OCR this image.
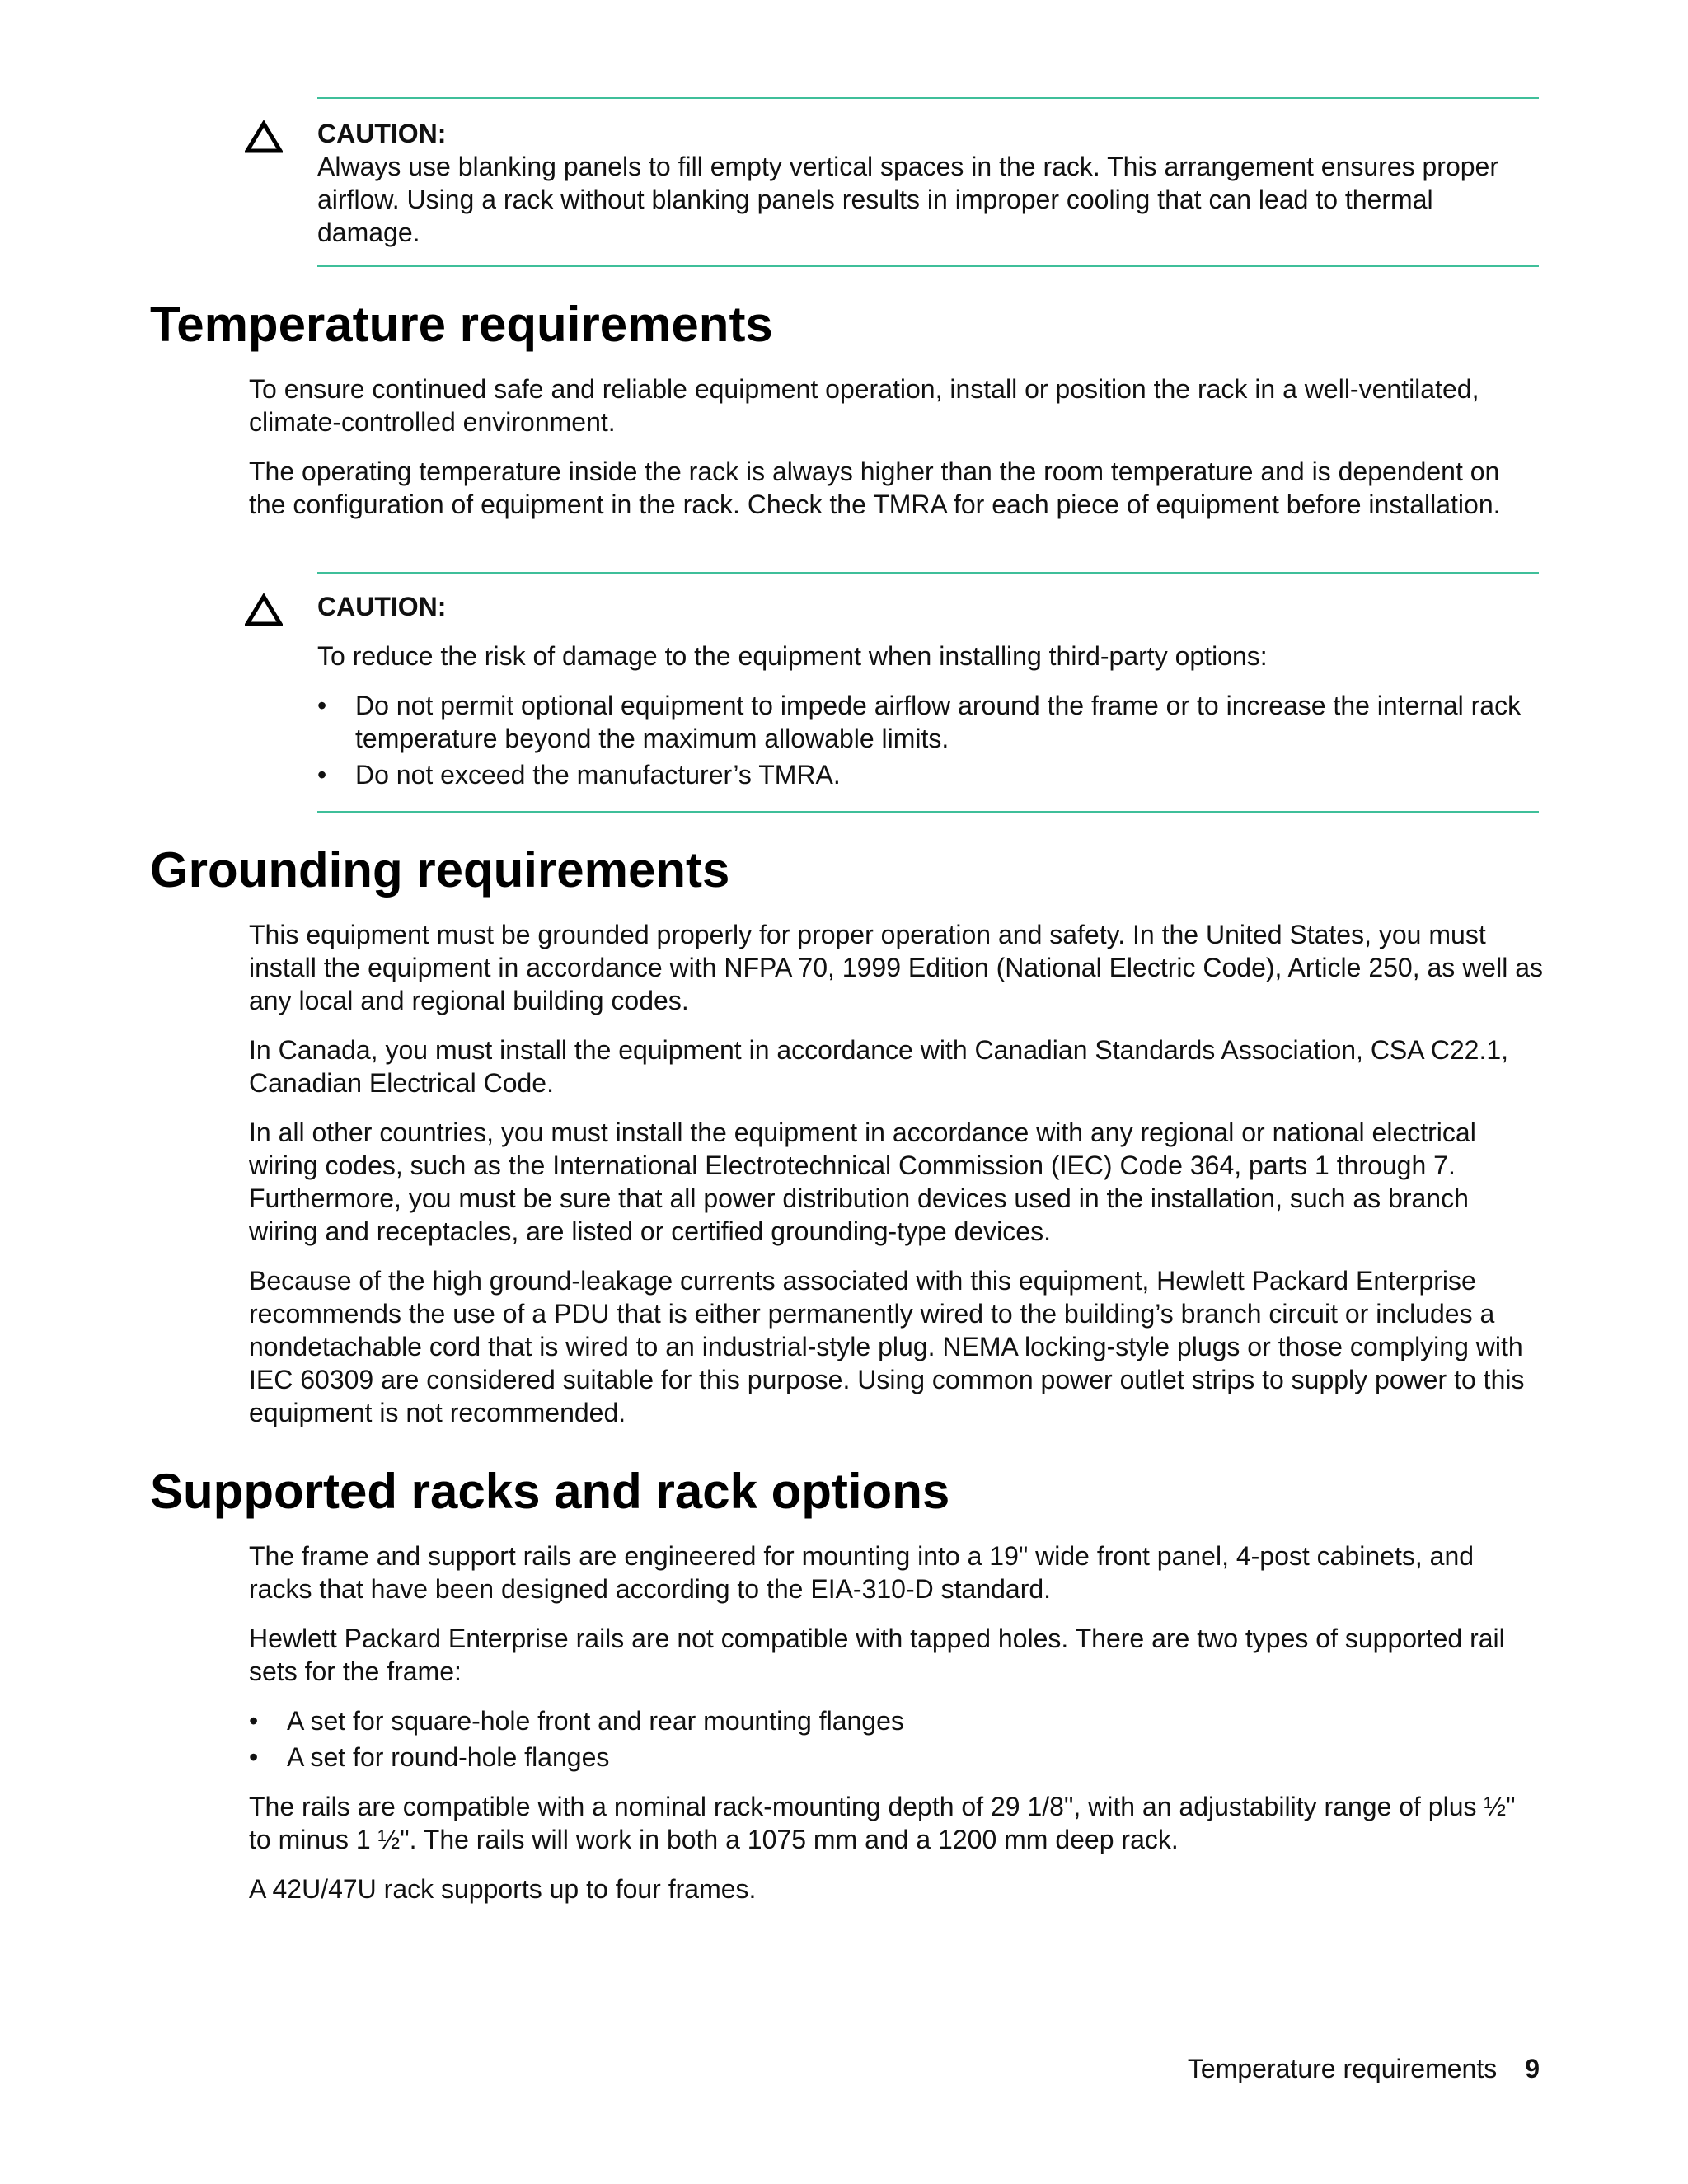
CAUTION:

Always use blanking panels to fill empty vertical spaces in the rack. This arrangement ensures proper airflow. Using a rack without blanking panels results in improper cooling that can lead to thermal damage.

Temperature requirements

To ensure continued safe and reliable equipment operation, install or position the rack in a well-ventilated, climate-controlled environment.

The operating temperature inside the rack is always higher than the room temperature and is dependent on the configuration of equipment in the rack. Check the TMRA for each piece of equipment before installation.

CAUTION:

To reduce the risk of damage to the equipment when installing third-party options:

•	Do not permit optional equipment to impede airflow around the frame or to increase the internal rack temperature beyond the maximum allowable limits.
•	Do not exceed the manufacturer’s TMRA.
Grounding requirements

This equipment must be grounded properly for proper operation and safety. In the United States, you must install the equipment in accordance with NFPA 70, 1999 Edition (National Electric Code), Article 250, as well as any local and regional building codes.

In Canada, you must install the equipment in accordance with Canadian Standards Association, CSA C22.1, Canadian Electrical Code.

In all other countries, you must install the equipment in accordance with any regional or national electrical wiring codes, such as the International Electrotechnical Commission (IEC) Code 364, parts 1 through 7. Furthermore, you must be sure that all power distribution devices used in the installation, such as branch wiring and receptacles, are listed or certified grounding-type devices.

Because of the high ground-leakage currents associated with this equipment, Hewlett Packard Enterprise recommends the use of a PDU that is either permanently wired to the building’s branch circuit or includes a nondetachable cord that is wired to an industrial-style plug. NEMA locking-style plugs or those complying with IEC 60309 are considered suitable for this purpose. Using common power outlet strips to supply power to this equipment is not recommended.

Supported racks and rack options

The frame and support rails are engineered for mounting into a 19" wide front panel, 4-post cabinets, and racks that have been designed according to the EIA-310-D standard.

Hewlett Packard Enterprise rails are not compatible with tapped holes. There are two types of supported rail sets for the frame:

•	A set for square-hole front and rear mounting flanges
•	A set for round-hole flanges

The rails are compatible with a nominal rack-mounting depth of 29 1/8", with an adjustability range of plus ½" to minus 1 ½". The rails will work in both a 1075 mm and a 1200 mm deep rack.

A 42U/47U rack supports up to four frames.

Temperature requirements 9
